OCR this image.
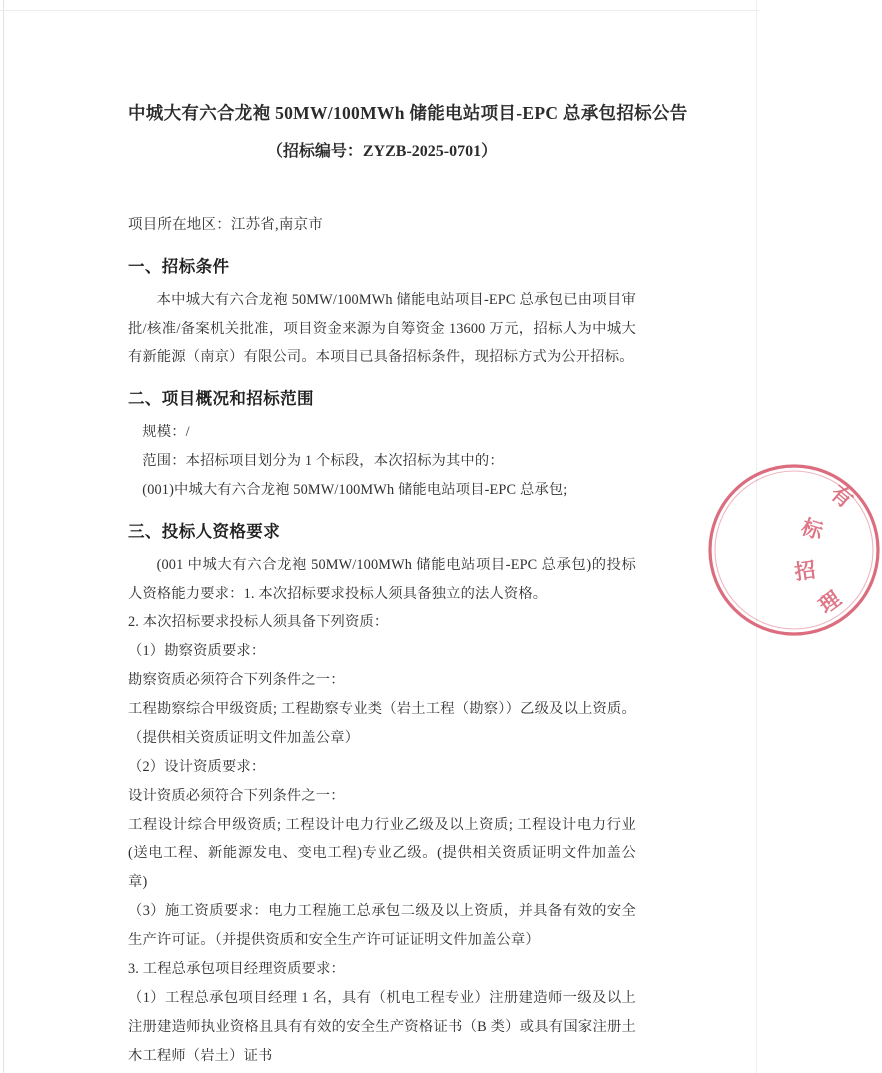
中城大有六合龙袍 50MW/100MWh 储能电站项目-EPC 总承包招标公告
（招标编号：ZYZB-2025-0701）
项目所在地区：江苏省,南京市
一、招标条件

本中城大有六合龙袍 50MW/100MWh 储能电站项目-EPC 总承包已由项目审批/核准/备案机关批准，项目资金来源为自筹资金 13600 万元，招标人为中城大有新能源（南京）有限公司。本项目已具备招标条件，现招标方式为公开招标。

二、项目概况和招标范围

规模：/

范围：本招标项目划分为 1 个标段，本次招标为其中的：

(001)中城大有六合龙袍 50MW/100MWh 储能电站项目-EPC 总承包;

三、投标人资格要求

(001 中城大有六合龙袍 50MW/100MWh 储能电站项目-EPC 总承包)的投标人资格能力要求：1. 本次招标要求投标人须具备独立的法人资格。

2. 本次招标要求投标人须具备下列资质：

（1）勘察资质要求：

勘察资质必须符合下列条件之一：

工程勘察综合甲级资质; 工程勘察专业类（岩土工程（勘察））乙级及以上资质。（提供相关资质证明文件加盖公章）

（2）设计资质要求：

设计资质必须符合下列条件之一：

工程设计综合甲级资质; 工程设计电力行业乙级及以上资质; 工程设计电力行业(送电工程、新能源发电、变电工程)专业乙级。(提供相关资质证明文件加盖公章)

（3）施工资质要求：电力工程施工总承包二级及以上资质，并具备有效的安全生产许可证。（并提供资质和安全生产许可证证明文件加盖公章）

3. 工程总承包项目经理资质要求：

（1）工程总承包项目经理 1 名，具有（机电工程专业）注册建造师一级及以上注册建造师执业资格且具有有效的安全生产资格证书（B 类）或具有国家注册土木工程师（岩土）证书

有
标
招
理
